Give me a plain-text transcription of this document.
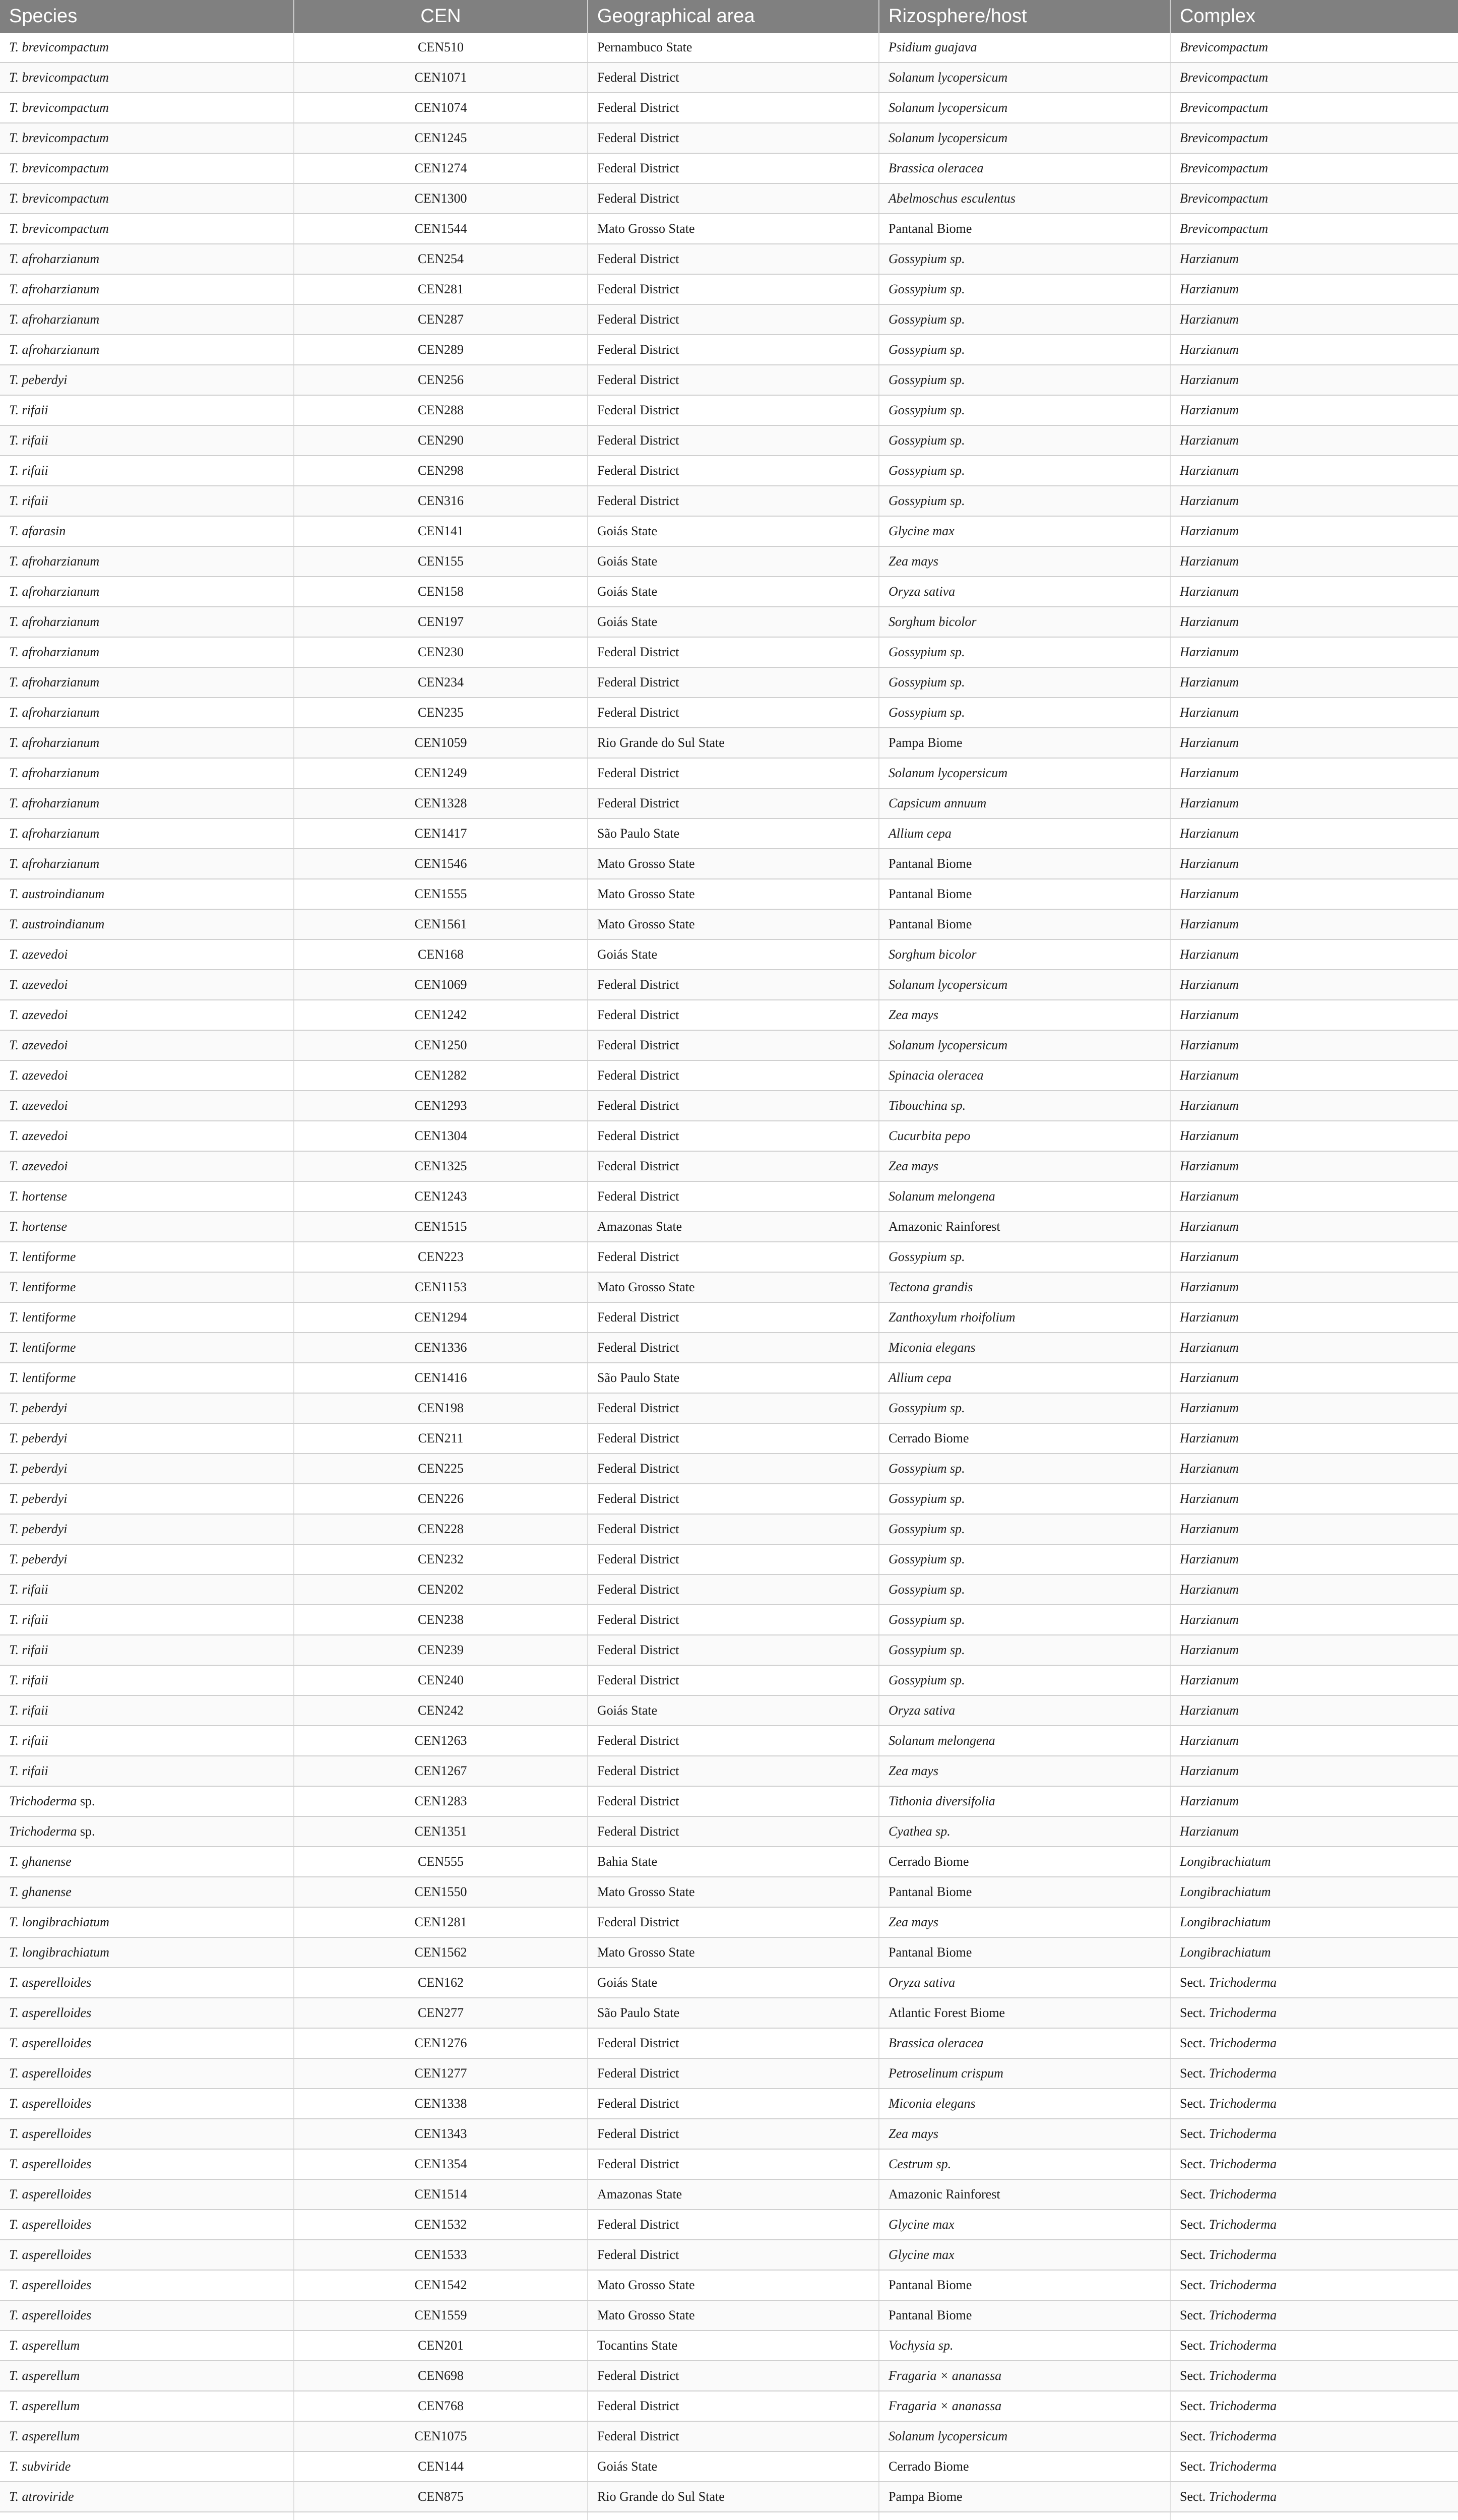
Species	CEN	Geographical area	Rizosphere/host	Complex
T. brevicompactum	CEN510	Pernambuco State	Psidium guajava	Brevicompactum
T. brevicompactum	CEN1071	Federal District	Solanum lycopersicum	Brevicompactum
T. brevicompactum	CEN1074	Federal District	Solanum lycopersicum	Brevicompactum
T. brevicompactum	CEN1245	Federal District	Solanum lycopersicum	Brevicompactum
T. brevicompactum	CEN1274	Federal District	Brassica oleracea	Brevicompactum
T. brevicompactum	CEN1300	Federal District	Abelmoschus esculentus	Brevicompactum
T. brevicompactum	CEN1544	Mato Grosso State	Pantanal Biome	Brevicompactum
T. afroharzianum	CEN254	Federal District	Gossypium sp.	Harzianum
T. afroharzianum	CEN281	Federal District	Gossypium sp.	Harzianum
T. afroharzianum	CEN287	Federal District	Gossypium sp.	Harzianum
T. afroharzianum	CEN289	Federal District	Gossypium sp.	Harzianum
T. peberdyi	CEN256	Federal District	Gossypium sp.	Harzianum
T. rifaii	CEN288	Federal District	Gossypium sp.	Harzianum
T. rifaii	CEN290	Federal District	Gossypium sp.	Harzianum
T. rifaii	CEN298	Federal District	Gossypium sp.	Harzianum
T. rifaii	CEN316	Federal District	Gossypium sp.	Harzianum
T. afarasin	CEN141	Goiás State	Glycine max	Harzianum
T. afroharzianum	CEN155	Goiás State	Zea mays	Harzianum
T. afroharzianum	CEN158	Goiás State	Oryza sativa	Harzianum
T. afroharzianum	CEN197	Goiás State	Sorghum bicolor	Harzianum
T. afroharzianum	CEN230	Federal District	Gossypium sp.	Harzianum
T. afroharzianum	CEN234	Federal District	Gossypium sp.	Harzianum
T. afroharzianum	CEN235	Federal District	Gossypium sp.	Harzianum
T. afroharzianum	CEN1059	Rio Grande do Sul State	Pampa Biome	Harzianum
T. afroharzianum	CEN1249	Federal District	Solanum lycopersicum	Harzianum
T. afroharzianum	CEN1328	Federal District	Capsicum annuum	Harzianum
T. afroharzianum	CEN1417	São Paulo State	Allium cepa	Harzianum
T. afroharzianum	CEN1546	Mato Grosso State	Pantanal Biome	Harzianum
T. austroindianum	CEN1555	Mato Grosso State	Pantanal Biome	Harzianum
T. austroindianum	CEN1561	Mato Grosso State	Pantanal Biome	Harzianum
T. azevedoi	CEN168	Goiás State	Sorghum bicolor	Harzianum
T. azevedoi	CEN1069	Federal District	Solanum lycopersicum	Harzianum
T. azevedoi	CEN1242	Federal District	Zea mays	Harzianum
T. azevedoi	CEN1250	Federal District	Solanum lycopersicum	Harzianum
T. azevedoi	CEN1282	Federal District	Spinacia oleracea	Harzianum
T. azevedoi	CEN1293	Federal District	Tibouchina sp.	Harzianum
T. azevedoi	CEN1304	Federal District	Cucurbita pepo	Harzianum
T. azevedoi	CEN1325	Federal District	Zea mays	Harzianum
T. hortense	CEN1243	Federal District	Solanum melongena	Harzianum
T. hortense	CEN1515	Amazonas State	Amazonic Rainforest	Harzianum
T. lentiforme	CEN223	Federal District	Gossypium sp.	Harzianum
T. lentiforme	CEN1153	Mato Grosso State	Tectona grandis	Harzianum
T. lentiforme	CEN1294	Federal District	Zanthoxylum rhoifolium	Harzianum
T. lentiforme	CEN1336	Federal District	Miconia elegans	Harzianum
T. lentiforme	CEN1416	São Paulo State	Allium cepa	Harzianum
T. peberdyi	CEN198	Federal District	Gossypium sp.	Harzianum
T. peberdyi	CEN211	Federal District	Cerrado Biome	Harzianum
T. peberdyi	CEN225	Federal District	Gossypium sp.	Harzianum
T. peberdyi	CEN226	Federal District	Gossypium sp.	Harzianum
T. peberdyi	CEN228	Federal District	Gossypium sp.	Harzianum
T. peberdyi	CEN232	Federal District	Gossypium sp.	Harzianum
T. rifaii	CEN202	Federal District	Gossypium sp.	Harzianum
T. rifaii	CEN238	Federal District	Gossypium sp.	Harzianum
T. rifaii	CEN239	Federal District	Gossypium sp.	Harzianum
T. rifaii	CEN240	Federal District	Gossypium sp.	Harzianum
T. rifaii	CEN242	Goiás State	Oryza sativa	Harzianum
T. rifaii	CEN1263	Federal District	Solanum melongena	Harzianum
T. rifaii	CEN1267	Federal District	Zea mays	Harzianum
Trichoderma sp.	CEN1283	Federal District	Tithonia diversifolia	Harzianum
Trichoderma sp.	CEN1351	Federal District	Cyathea sp.	Harzianum
T. ghanense	CEN555	Bahia State	Cerrado Biome	Longibrachiatum
T. ghanense	CEN1550	Mato Grosso State	Pantanal Biome	Longibrachiatum
T. longibrachiatum	CEN1281	Federal District	Zea mays	Longibrachiatum
T. longibrachiatum	CEN1562	Mato Grosso State	Pantanal Biome	Longibrachiatum
T. asperelloides	CEN162	Goiás State	Oryza sativa	Sect. Trichoderma
T. asperelloides	CEN277	São Paulo State	Atlantic Forest Biome	Sect. Trichoderma
T. asperelloides	CEN1276	Federal District	Brassica oleracea	Sect. Trichoderma
T. asperelloides	CEN1277	Federal District	Petroselinum crispum	Sect. Trichoderma
T. asperelloides	CEN1338	Federal District	Miconia elegans	Sect. Trichoderma
T. asperelloides	CEN1343	Federal District	Zea mays	Sect. Trichoderma
T. asperelloides	CEN1354	Federal District	Cestrum sp.	Sect. Trichoderma
T. asperelloides	CEN1514	Amazonas State	Amazonic Rainforest	Sect. Trichoderma
T. asperelloides	CEN1532	Federal District	Glycine max	Sect. Trichoderma
T. asperelloides	CEN1533	Federal District	Glycine max	Sect. Trichoderma
T. asperelloides	CEN1542	Mato Grosso State	Pantanal Biome	Sect. Trichoderma
T. asperelloides	CEN1559	Mato Grosso State	Pantanal Biome	Sect. Trichoderma
T. asperellum	CEN201	Tocantins State	Vochysia sp.	Sect. Trichoderma
T. asperellum	CEN698	Federal District	Fragaria × ananassa	Sect. Trichoderma
T. asperellum	CEN768	Federal District	Fragaria × ananassa	Sect. Trichoderma
T. asperellum	CEN1075	Federal District	Solanum lycopersicum	Sect. Trichoderma
T. subviride	CEN144	Goiás State	Cerrado Biome	Sect. Trichoderma
T. atroviride	CEN875	Rio Grande do Sul State	Pampa Biome	Sect. Trichoderma
